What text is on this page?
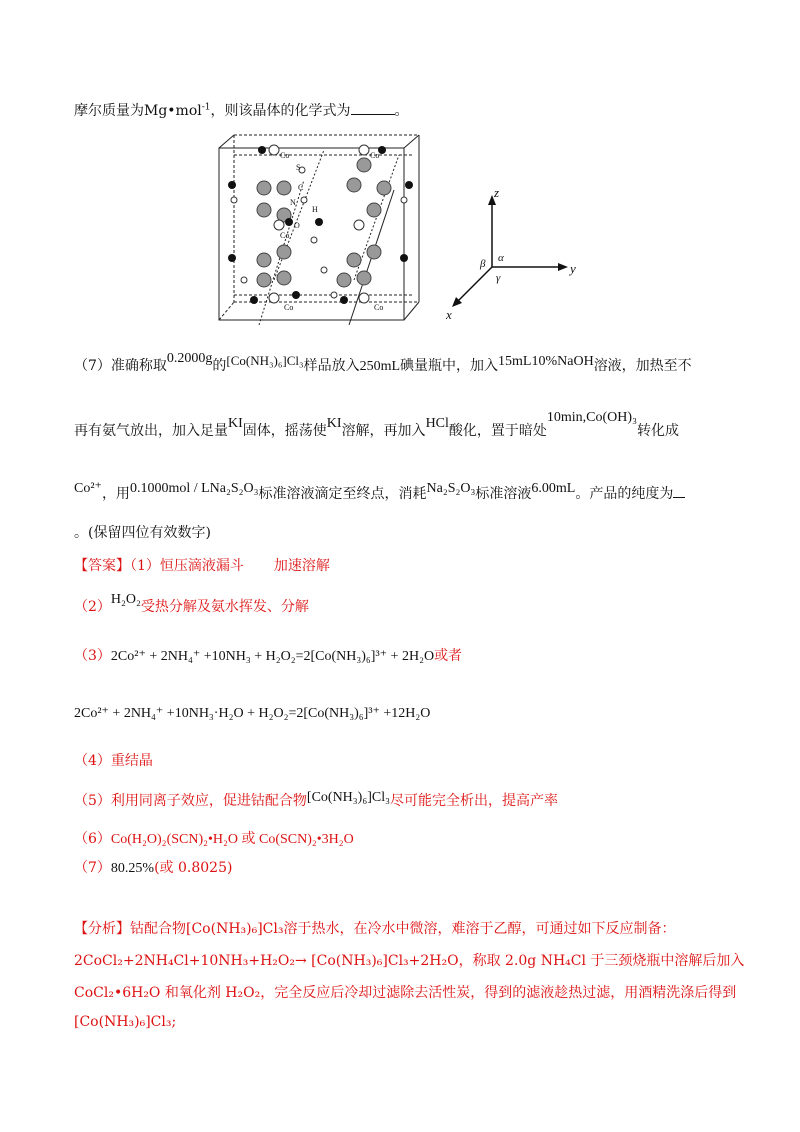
摩尔质量为Mg•mol$^{-1}$，则该晶体的化学式为	。
Co	Co
S
C
N
H
O
Co
Co	Co
z
y
x
α
β
γ
（7）准确称取0.2000g的[Co(NH₃)₆]Cl₃样品放入250mL碘量瓶中，加入15mL10%NaOH溶液，加热至不
再有氨气放出，加入足量KI固体，摇荡使KI溶解，再加入HCl酸化，置于暗处10min,Co(OH)₃转化成
Co²⁺，用0.1000mol / LNa₂S₂O₃标准溶液滴定至终点，消耗Na₂S₂O₃标准溶液6.00mL。产品的纯度为
。(保留四位有效数字)
【答案】（1）恒压滴液漏斗 加速溶解
（2）H₂O₂受热分解及氨水挥发、分解
（3）2Co²⁺ + 2NH₄⁺ +10NH₃ + H₂O₂=2[Co(NH₃)₆]³⁺ + 2H₂O或者
2Co²⁺ + 2NH₄⁺ +10NH₃·H₂O + H₂O₂=2[Co(NH₃)₆]³⁺ +12H₂O
（4）重结晶
（5）利用同离子效应，促进钴配合物[Co(NH₃)₆]Cl₃尽可能完全析出，提高产率
（6）Co(H₂O)₂(SCN)₂•H₂O 或 Co(SCN)₂•3H₂O
（7）80.25%(或 0.8025)
【分析】钴配合物[Co(NH₃)₆]Cl₃溶于热水，在冷水中微溶，难溶于乙醇，可通过如下反应制备：
2CoCl₂+2NH₄Cl+10NH₃+H₂O₂→ [Co(NH₃)₆]Cl₃+2H₂O，称取 2.0g NH₄Cl 于三颈烧瓶中溶解后加入
CoCl₂•6H₂O 和氧化剂 H₂O₂，完全反应后冷却过滤除去活性炭，得到的滤液趁热过滤，用酒精洗涤后得到
[Co(NH₃)₆]Cl₃;
